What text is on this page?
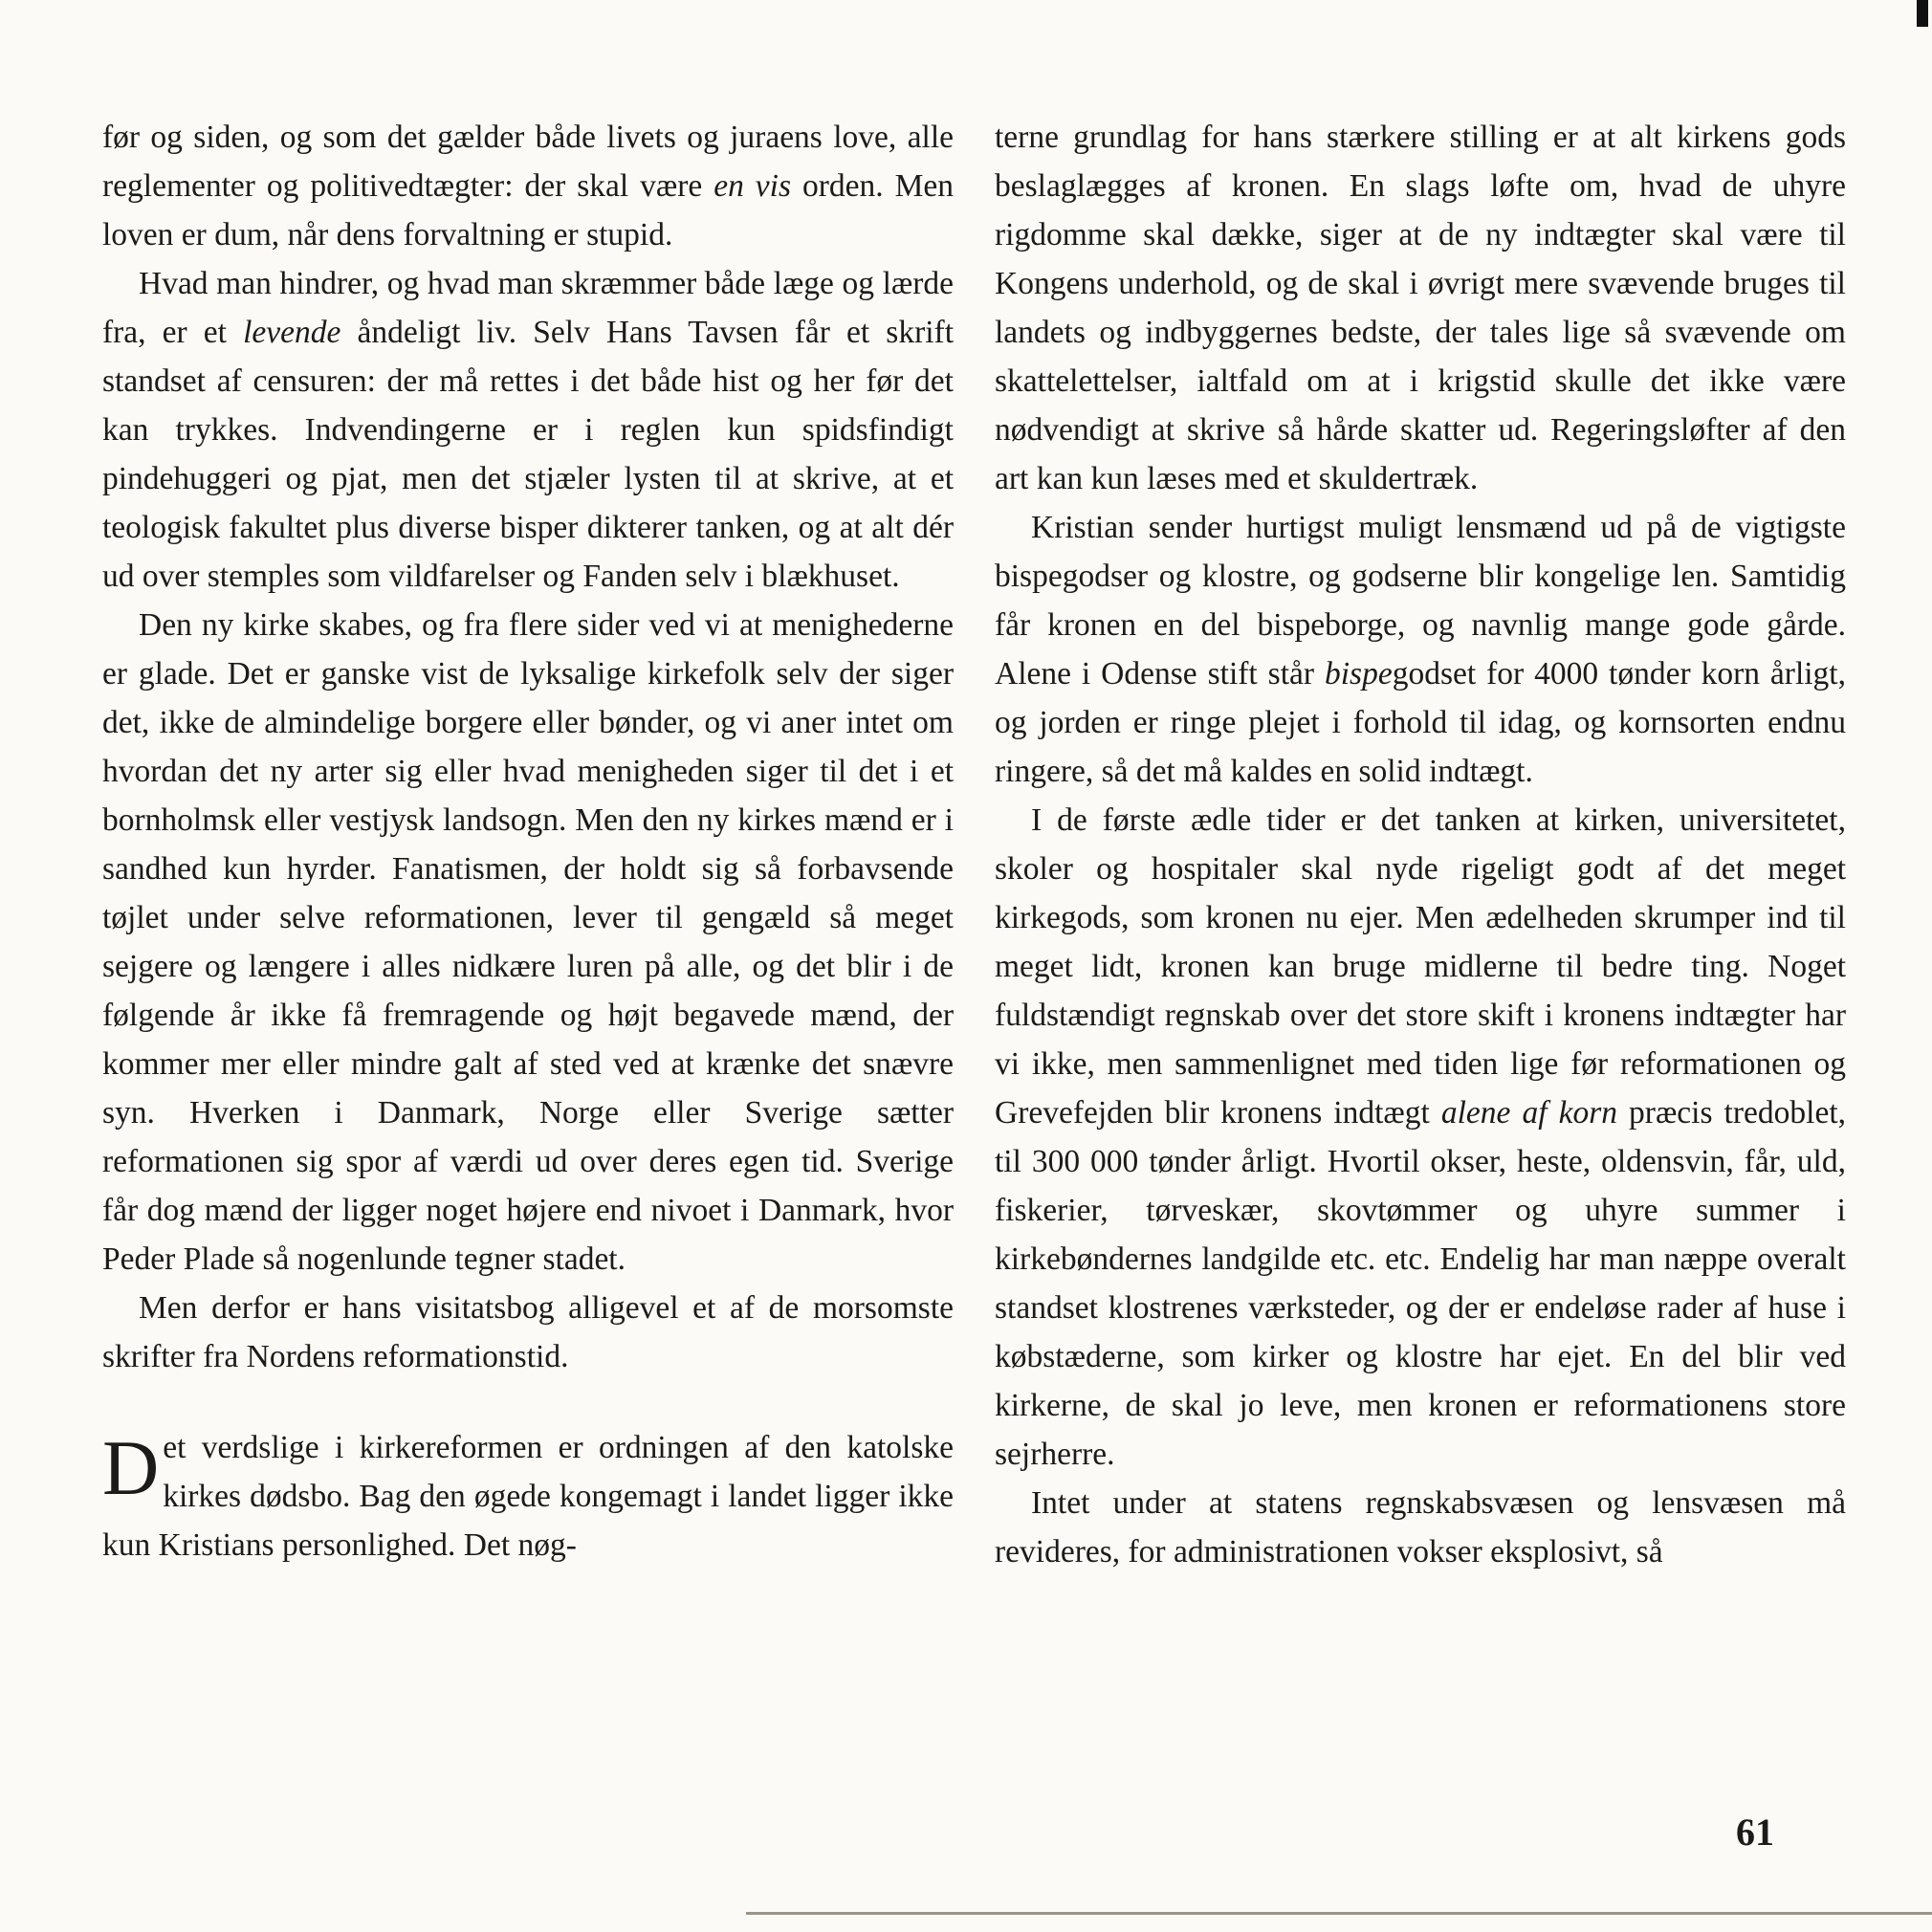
før og siden, og som det gælder både livets og juraens love, alle reglementer og politivedtægter: der skal være en vis orden. Men loven er dum, når dens forvaltning er stupid.

Hvad man hindrer, og hvad man skræmmer både læge og lærde fra, er et levende åndeligt liv. Selv Hans Tavsen får et skrift standset af censuren: der må rettes i det både hist og her før det kan trykkes. Indvendingerne er i reglen kun spidsfindigt pindehuggeri og pjat, men det stjæler lysten til at skrive, at et teologisk fakultet plus diverse bisper dikterer tanken, og at alt dér ud over stemples som vildfarelser og Fanden selv i blækhuset.

Den ny kirke skabes, og fra flere sider ved vi at menighederne er glade. Det er ganske vist de lyksalige kirkefolk selv der siger det, ikke de almindelige borgere eller bønder, og vi aner intet om hvordan det ny arter sig eller hvad menigheden siger til det i et bornholmsk eller vestjysk landsogn. Men den ny kirkes mænd er i sandhed kun hyrder. Fanatismen, der holdt sig så forbavsende tøjlet under selve reformationen, lever til gengæld så meget sejgere og længere i alles nidkære luren på alle, og det blir i de følgende år ikke få fremragende og højt begavede mænd, der kommer mer eller mindre galt af sted ved at krænke det snævre syn. Hverken i Danmark, Norge eller Sverige sætter reformationen sig spor af værdi ud over deres egen tid. Sverige får dog mænd der ligger noget højere end nivoet i Danmark, hvor Peder Plade så nogenlunde tegner stadet.

Men derfor er hans visitatsbog alligevel et af de morsomste skrifter fra Nordens reformationstid.

Det verdslige i kirkereformen er ordningen af den katolske kirkes dødsbo. Bag den øgede kongemagt i landet ligger ikke kun Kristians personlighed. Det nøg-

terne grundlag for hans stærkere stilling er at alt kirkens gods beslaglægges af kronen. En slags løfte om, hvad de uhyre rigdomme skal dække, siger at de ny indtægter skal være til Kongens underhold, og de skal i øvrigt mere svævende bruges til landets og indbyggernes bedste, der tales lige så svævende om skattelettelser, ialtfald om at i krigstid skulle det ikke være nødvendigt at skrive så hårde skatter ud. Regeringsløfter af den art kan kun læses med et skuldertræk.

Kristian sender hurtigst muligt lensmænd ud på de vigtigste bispegodser og klostre, og godserne blir kongelige len. Samtidig får kronen en del bispeborge, og navnlig mange gode gårde. Alene i Odense stift står bispegodset for 4000 tønder korn årligt, og jorden er ringe plejet i forhold til idag, og kornsorten endnu ringere, så det må kaldes en solid indtægt.

I de første ædle tider er det tanken at kirken, universitetet, skoler og hospitaler skal nyde rigeligt godt af det meget kirkegods, som kronen nu ejer. Men ædelheden skrumper ind til meget lidt, kronen kan bruge midlerne til bedre ting. Noget fuldstændigt regnskab over det store skift i kronens indtægter har vi ikke, men sammenlignet med tiden lige før reformationen og Grevefejden blir kronens indtægt alene af korn præcis tredoblet, til 300 000 tønder årligt. Hvortil okser, heste, oldensvin, får, uld, fiskerier, tørveskær, skovtømmer og uhyre summer i kirkebøndernes landgilde etc. etc. Endelig har man næppe overalt standset klostrenes værksteder, og der er endeløse rader af huse i købstæderne, som kirker og klostre har ejet. En del blir ved kirkerne, de skal jo leve, men kronen er reformationens store sejrherre.

Intet under at statens regnskabsvæsen og lensvæsen må revideres, for administrationen vokser eksplosivt, så

61
